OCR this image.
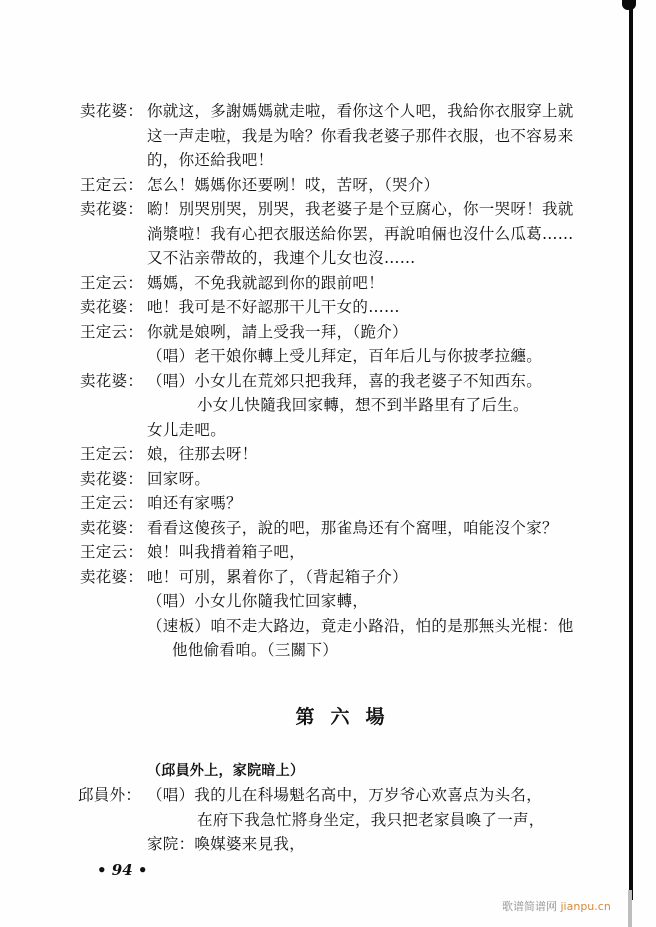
卖花婆： 你就这，多謝媽媽就走啦，看你这个人吧，我給你衣服穿上就
这一声走啦，我是为啥？你看我老婆子那件衣服，也不容易来
的，你还給我吧！
王定云： 怎么！媽媽你还要咧！哎，苦呀，（哭介）
卖花婆： 喲！別哭別哭，別哭，我老婆子是个豆腐心，你一哭呀！我就
淌漿啦！我有心把衣服送給你罢，再說咱倆也沒什么瓜葛……
又不沾亲帶故的，我連个儿女也沒……
王定云： 媽媽，不免我就認到你的跟前吧！
卖花婆： 吔！我可是不好認那干儿干女的……
王定云： 你就是娘咧，請上受我一拜，（跪介）
（唱）老干娘你轉上受儿拜定，百年后儿与你披孝拉纏。
卖花婆： （唱）小女儿在荒郊只把我拜，喜的我老婆子不知西东。
小女儿快隨我回家轉，想不到半路里有了后生。
女儿走吧。
王定云： 娘，往那去呀！
卖花婆： 回家呀。
王定云： 咱还有家嗎？
卖花婆： 看看这傻孩子，說的吧，那雀鳥还有个窩哩，咱能沒个家？
王定云： 娘！叫我揹着箱子吧，
卖花婆： 吔！可別，累着你了，（背起箱子介）
（唱）小女儿你隨我忙回家轉，
（速板）咱不走大路边，竟走小路沿，怕的是那無头光棍：他
他他偷看咱。（三關下）
第六場
（邱員外上，家院暗上）
邱員外： （唱）我的儿在科場魁名高中，万岁爷心欢喜点为头名，
在府下我急忙將身坐定，我只把老家員喚了一声，
家院：喚媒婆来見我，
• 94 •
歌谱简谱网 jianpu.cn
